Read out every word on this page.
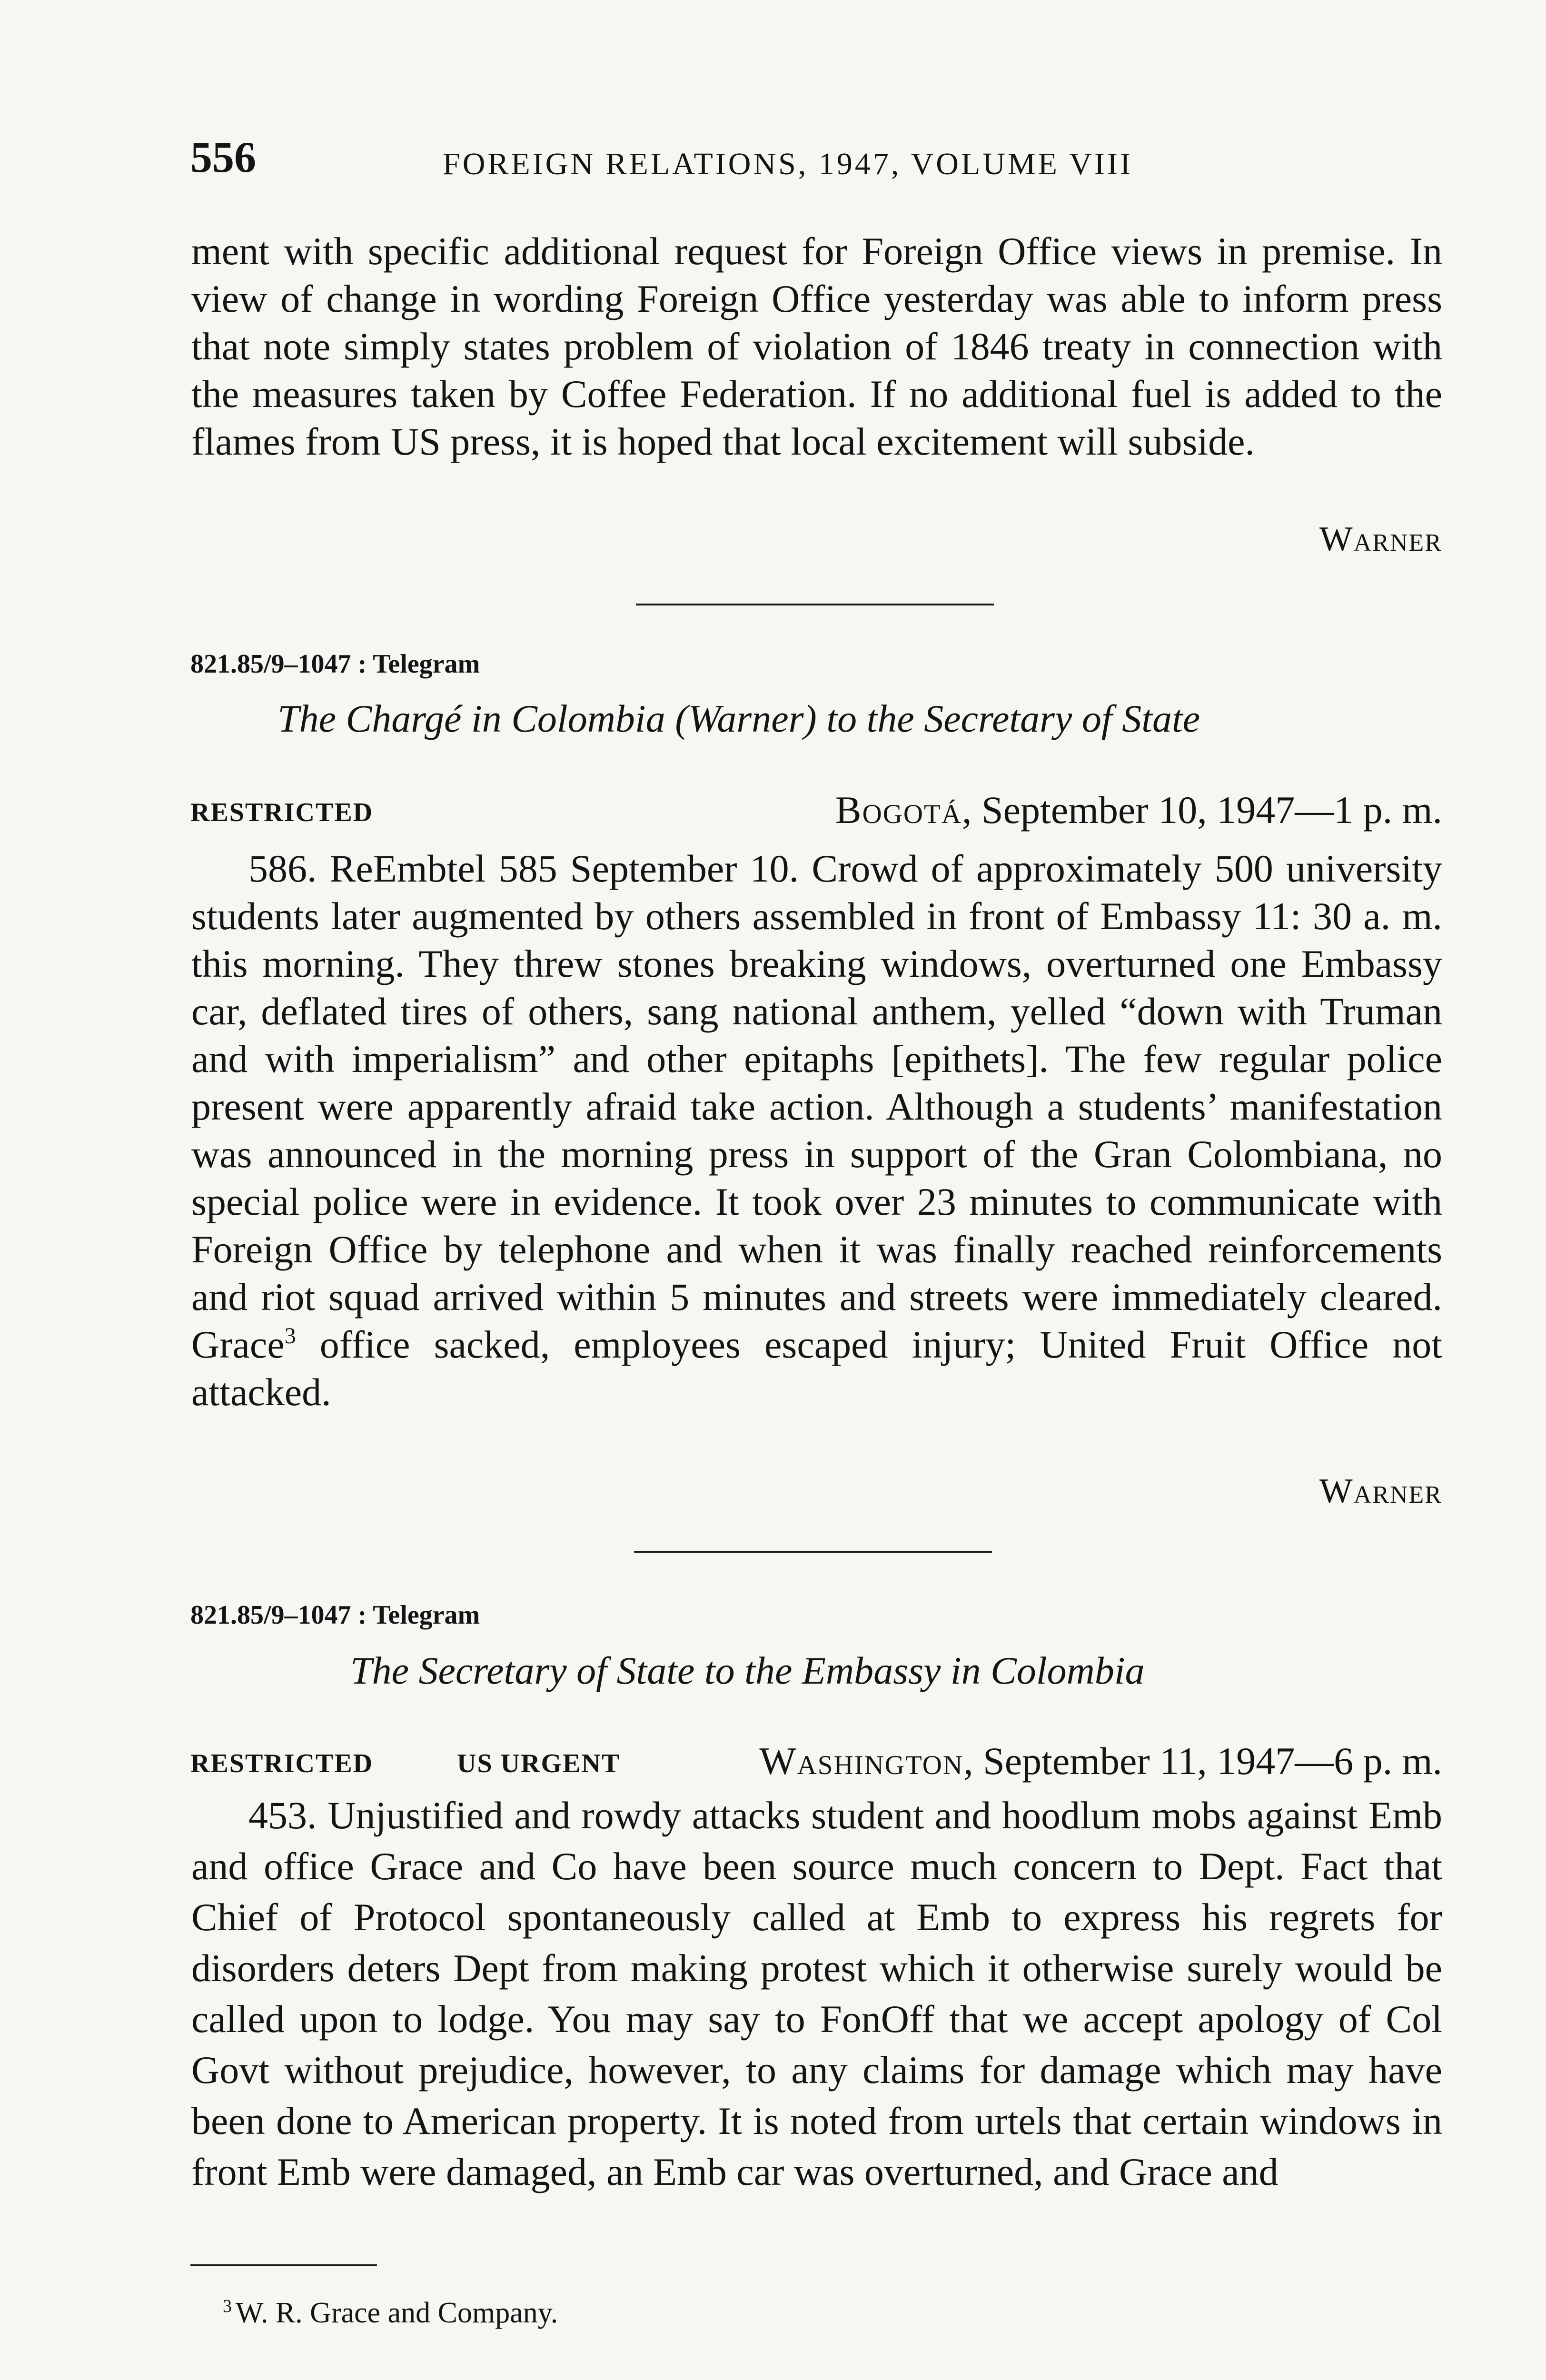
556	FOREIGN RELATIONS, 1947, VOLUME VIII

ment with specific additional request for Foreign Office views in premise. In view of change in wording Foreign Office yesterday was able to inform press that note simply states problem of violation of 1846 treaty in connection with the measures taken by Coffee Federation. If no additional fuel is added to the flames from US press, it is hoped that local excitement will subside.

Warner
821.85/9–1047 : Telegram
The Chargé in Colombia (Warner) to the Secretary of State
RESTRICTED	Bogotá, September 10, 1947—1 p. m.

586. ReEmbtel 585 September 10. Crowd of approximately 500 university students later augmented by others assembled in front of Embassy 11: 30 a. m. this morning. They threw stones breaking windows, overturned one Embassy car, deflated tires of others, sang national anthem, yelled “down with Truman and with imperialism” and other epitaphs [epithets]. The few regular police present were apparently afraid take action. Although a students’ manifestation was announced in the morning press in support of the Gran Colombiana, no special police were in evidence. It took over 23 minutes to communicate with Foreign Office by telephone and when it was finally reached reinforcements and riot squad arrived within 5 minutes and streets were immediately cleared. Grace$^3$ office sacked, employees escaped injury; United Fruit Office not attacked.

Warner
821.85/9–1047 : Telegram
The Secretary of State to the Embassy in Colombia
RESTRICTED	US URGENT	Washington, September 11, 1947—6 p. m.

453. Unjustified and rowdy attacks student and hoodlum mobs against Emb and office Grace and Co have been source much concern to Dept. Fact that Chief of Protocol spontaneously called at Emb to express his regrets for disorders deters Dept from making protest which it otherwise surely would be called upon to lodge. You may say to FonOff that we accept apology of Col Govt without prejudice, however, to any claims for damage which may have been done to American property. It is noted from urtels that certain windows in front Emb were damaged, an Emb car was overturned, and Grace and

$^3$ W. R. Grace and Company.
